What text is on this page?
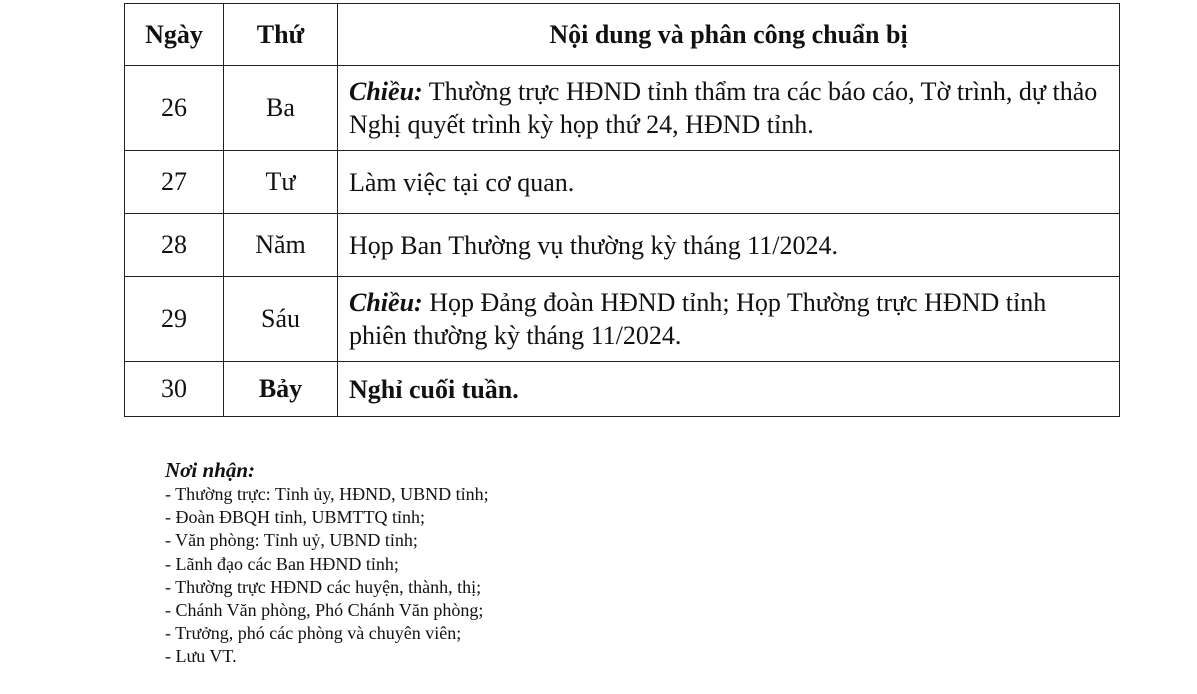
Ngày	Thứ	Nội dung và phân công chuẩn bị
26	Ba	Chiều: Thường trực HĐND tỉnh thẩm tra các báo cáo, Tờ trình, dự thảo Nghị quyết trình kỳ họp thứ 24, HĐND tỉnh.
27	Tư	Làm việc tại cơ quan.
28	Năm	Họp Ban Thường vụ thường kỳ tháng 11/2024.
29	Sáu	Chiều: Họp Đảng đoàn HĐND tỉnh; Họp Thường trực HĐND tỉnh phiên thường kỳ tháng 11/2024.
30	Bảy	Nghỉ cuối tuần.
Nơi nhận:
- Thường trực: Tỉnh ủy, HĐND, UBND tỉnh;
- Đoàn ĐBQH tỉnh, UBMTTQ tỉnh;
- Văn phòng: Tỉnh uỷ, UBND tỉnh;
- Lãnh đạo các Ban HĐND tỉnh;
- Thường trực HĐND các huyện, thành, thị;
- Chánh Văn phòng, Phó Chánh Văn phòng;
- Trưởng, phó các phòng và chuyên viên;
- Lưu VT.
